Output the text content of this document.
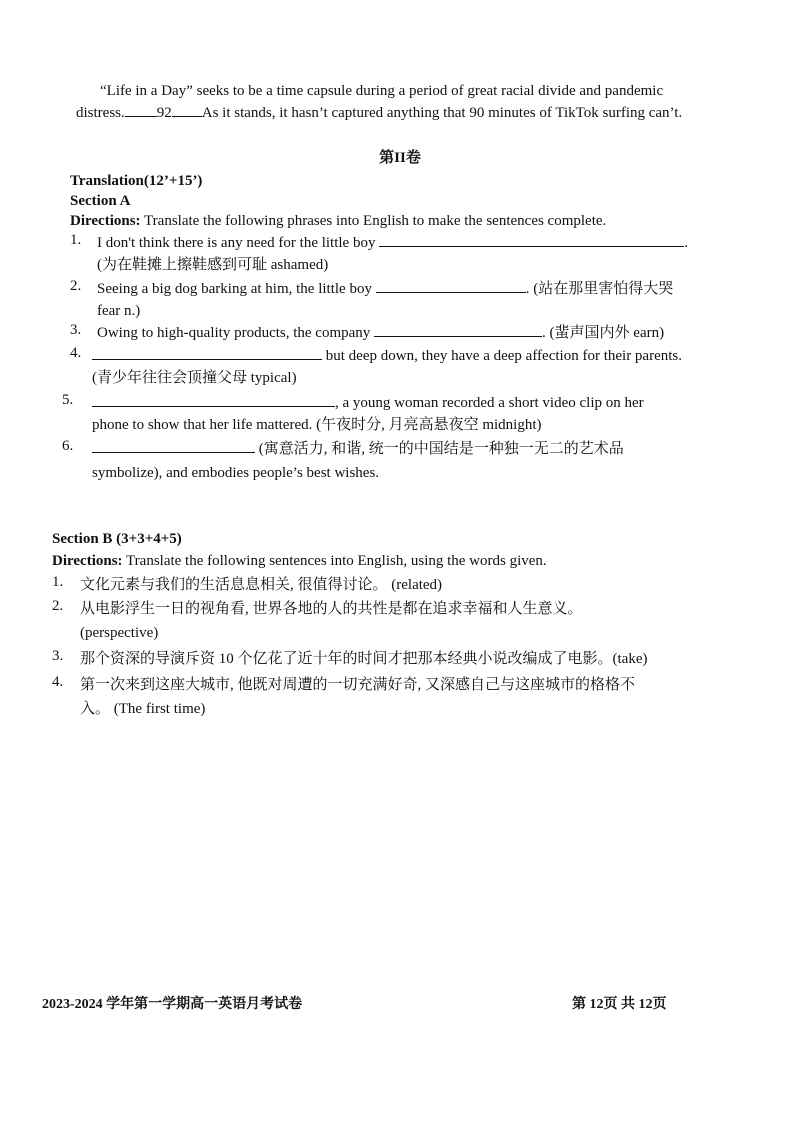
“Life in a Day” seeks to be a time capsule during a period of great racial divide and pandemic
distress. 92 As it stands, it hasn’t captured anything that 90 minutes of TikTok surfing can’t.
第II卷
Translation(12’+15’)
Section A
Directions: Translate the following phrases into English to make the sentences complete.
1. I don't think there is any need for the little boy	.
(为在鞋摊上擦鞋感到可耻 ashamed)
2. Seeing a big dog barking at him, the little boy	. (站在那里害怕得大哭
fear n.)
3. Owing to high-quality products, the company	. (蜚声国内外 earn)
4.	but deep down, they have a deep affection for their parents.
(青少年往往会顶撞父母 typical)
5.	, a young woman recorded a short video clip on her
phone to show that her life mattered. (午夜时分, 月亮高悬夜空 midnight)
6.	(寓意活力, 和谐, 统一的中国结是一种独一无二的艺术品
symbolize), and embodies people’s best wishes.
Section B (3+3+4+5)
Directions: Translate the following sentences into English, using the words given.
1. 文化元素与我们的生活息息相关, 很值得讨论。 (related)
2. 从电影浮生一日的视角看, 世界各地的人的共性是都在追求幸福和人生意义。
(perspective)
3. 那个资深的导演斥资 10 个亿花了近十年的时间才把那本经典小说改编成了电影。(take)
4. 第一次来到这座大城市, 他既对周遭的一切充满好奇, 又深感自己与这座城市的格格不
入。 (The first time)
2023-2024 学年第一学期高一英语月考试卷	第 12页 共 12页
